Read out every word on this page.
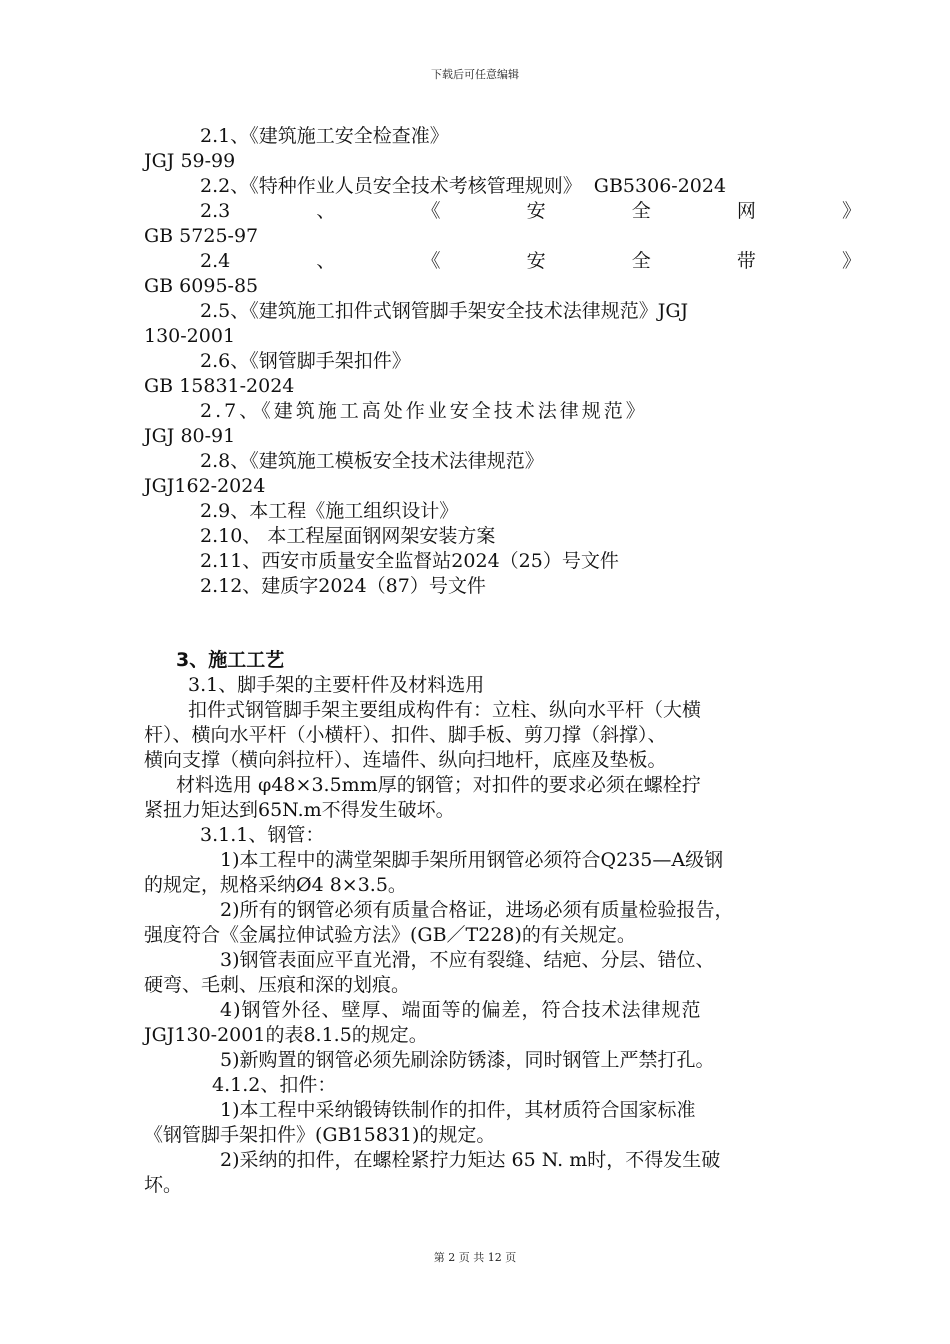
下载后可任意编辑
2.1、《建筑施工安全检查准》
JGJ 59-99
2.2、《特种作业人员安全技术考核管理规则》  GB5306-2024
2.3	、	《	安	全	网	》
GB 5725-97
2.4	、	《	安	全	带	》
GB 6095-85
2.5、《建筑施工扣件式钢管脚手架安全技术法律规范》JGJ
130-2001
2.6、《钢管脚手架扣件》
GB 15831-2024
2.7、《建筑施工高处作业安全技术法律规范》
JGJ 80-91
2.8、《建筑施工模板安全技术法律规范》
JGJ162-2024
2.9、本工程《施工组织设计》
2.10、 本工程屋面钢网架安装方案
2.11、西安市质量安全监督站2024（25）号文件
2.12、建质字2024（87）号文件
3、施工工艺
3.1、脚手架的主要杆件及材料选用
扣件式钢管脚手架主要组成构件有：立柱、纵向水平杆（大横
杆）、横向水平杆（小横杆）、扣件、脚手板、剪刀撑（斜撑）、
横向支撑（横向斜拉杆）、连墙件、纵向扫地杆，底座及垫板。
材料选用 φ48×3.5mm厚的钢管；对扣件的要求必须在螺栓拧
紧扭力矩达到65N.m不得发生破坏。
3.1.1、钢管：
1)本工程中的满堂架脚手架所用钢管必须符合Q235—A级钢
的规定，规格采纳Ø4 8×3.5。
2)所有的钢管必须有质量合格证，进场必须有质量检验报告，
强度符合《金属拉伸试验方法》(GB／T228)的有关规定。
3)钢管表面应平直光滑，不应有裂缝、结疤、分层、错位、
硬弯、毛刺、压痕和深的划痕。
4)钢管外径、壁厚、端面等的偏差，符合技术法律规范
JGJ130-2001的表8.1.5的规定。
5)新购置的钢管必须先刷涂防锈漆，同时钢管上严禁打孔。
4.1.2、扣件：
1)本工程中采纳锻铸铁制作的扣件，其材质符合国家标准
《钢管脚手架扣件》(GB15831)的规定。
2)采纳的扣件，在螺栓紧拧力矩达 65 N. m时，不得发生破
坏。
第 2 页 共 12 页
